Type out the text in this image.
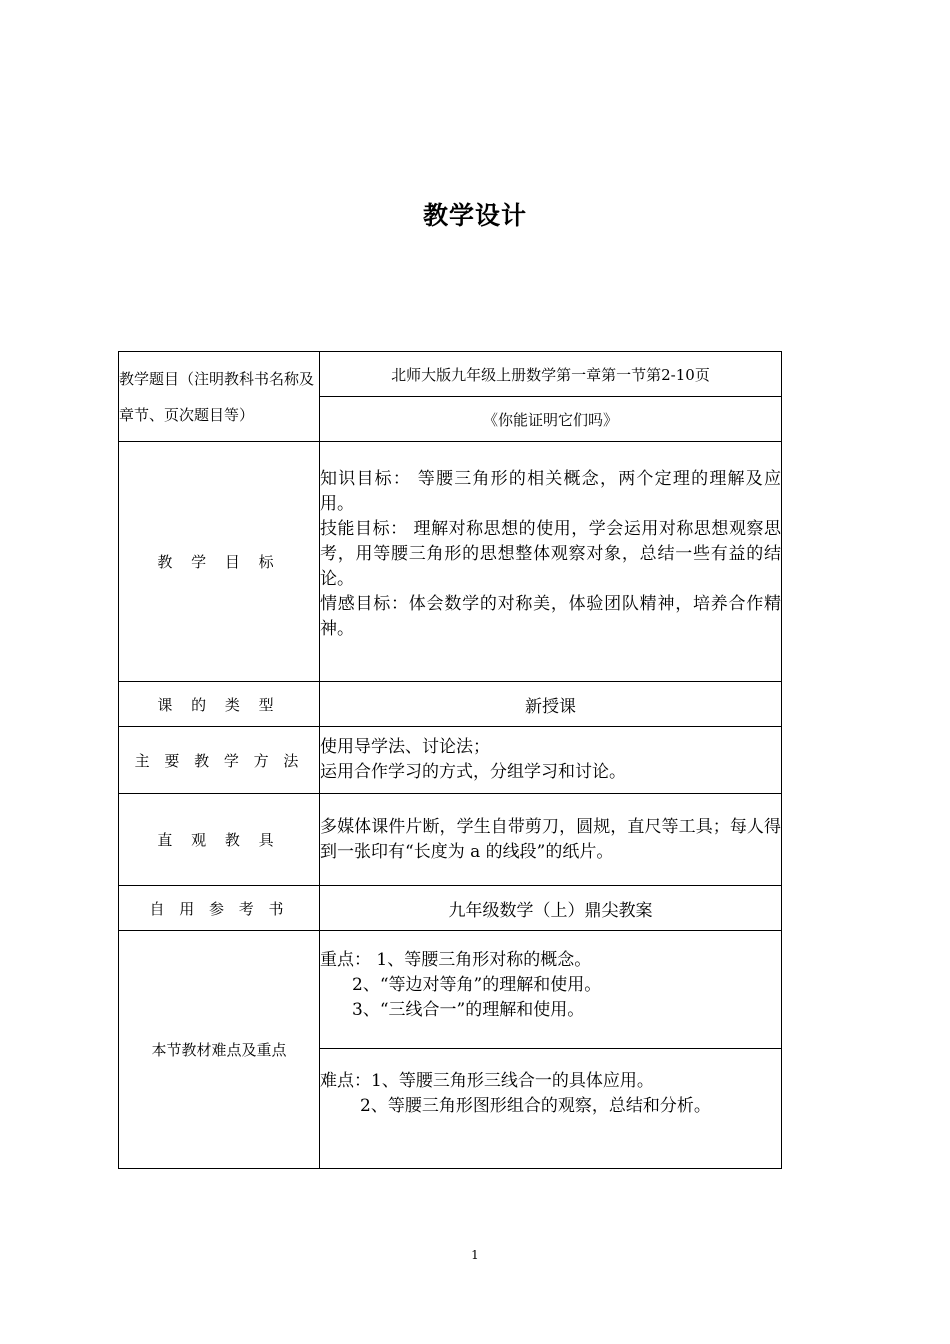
教学设计
教学题目（注明教科书名称及章节、页次题目等）	北师大版九年级上册数学第一章第一节第2-10页
	《你能证明它们吗》
教 学 目 标	知识目标： 等腰三角形的相关概念，两个定理的理解及应用。
技能目标： 理解对称思想的使用，学会运用对称思想观察思考，用等腰三角形的思想整体观察对象，总结一些有益的结论。
情感目标：体会数学的对称美，体验团队精神，培养合作精神。

课 的 类 型	新授课
主 要 教 学 方 法	使用导学法、讨论法；
运用合作学习的方式，分组学习和讨论。

直 观 教 具	多媒体课件片断，学生自带剪刀，圆规，直尺等工具；每人得到一张印有“长度为 a 的线段”的纸片。

自 用 参 考 书	九年级数学（上）鼎尖教案
本节教材难点及重点	重点： 1、等腰三角形对称的概念。
2、“等边对等角”的理解和使用。
3、“三线合一”的理解和使用。

	难点：1、等腰三角形三线合一的具体应用。
2、等腰三角形图形组合的观察，总结和分析。
1
